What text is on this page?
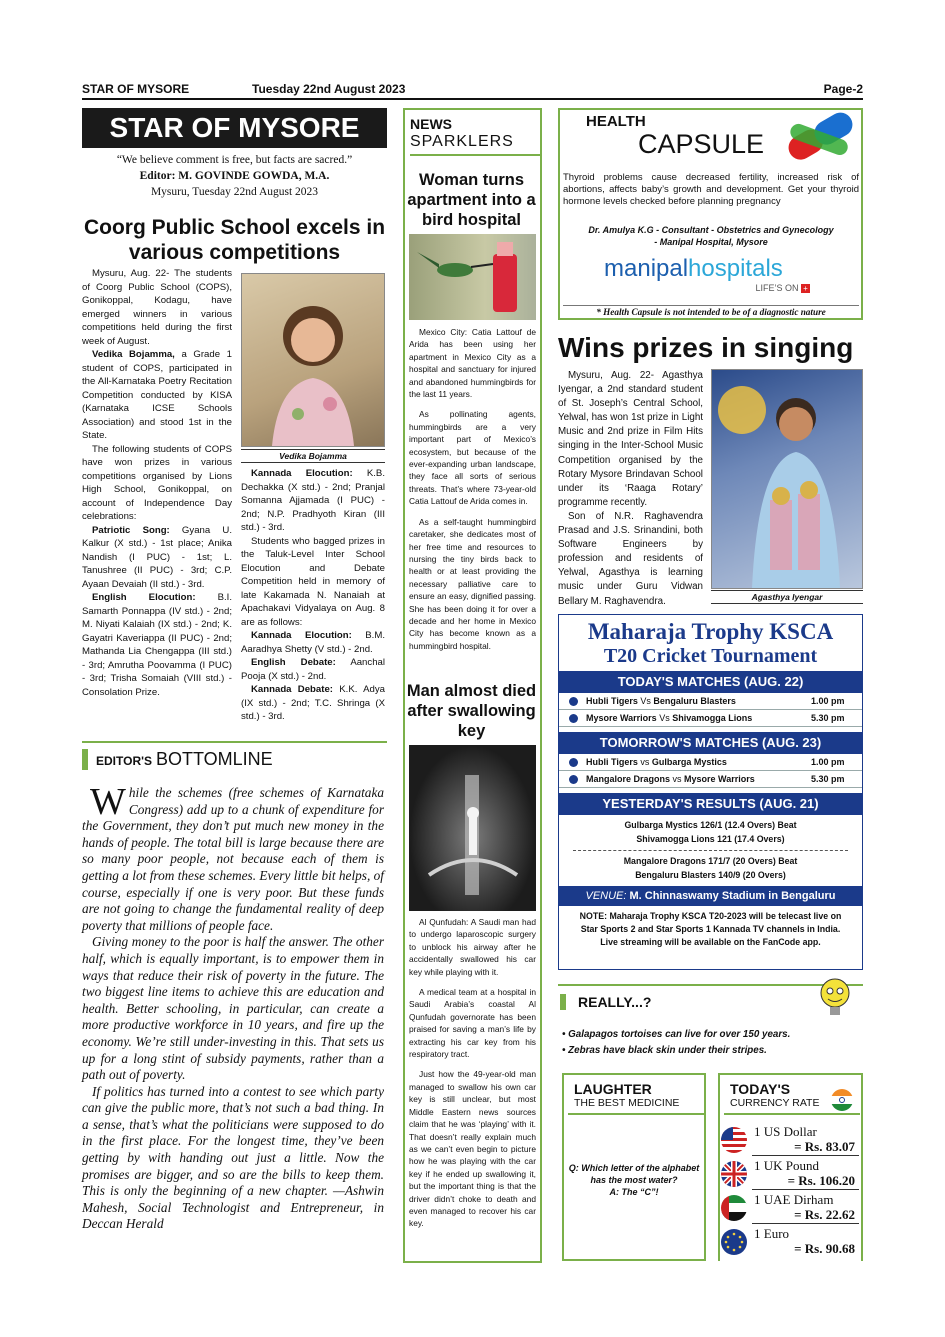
STAR OF MYSORE	Tuesday 22nd August 2023	Page-2
STAR OF MYSORE
“We believe comment is free, but facts are sacred.”
Editor: M. GOVINDE GOWDA, M.A.
Mysuru, Tuesday 22nd August 2023
Coorg Public School excels in various competitions

Mysuru, Aug. 22- The students of Coorg Public School (COPS), Gonikoppal, Kodagu, have emerged winners in various competitions held during the first week of August.

Vedika Bojamma, a Grade 1 student of COPS, participated in the All-Karnataka Poetry Recitation Competition conducted by KISA (Karnataka ICSE Schools Association) and stood 1st in the State.

The following students of COPS have won prizes in various competitions organised by Lions High School, Gonikoppal, on account of Independence Day celebrations:

Patriotic Song: Gyana U. Kalkur (X std.) - 1st place; Anika Nandish (I PUC) - 1st; L. Tanushree (II PUC) - 3rd; C.P. Ayaan Devaiah (II std.) - 3rd.

English Elocution: B.I. Samarth Ponnappa (IV std.) - 2nd; M. Niyati Kalaiah (IX std.) - 2nd; K. Gayatri Kaveriappa (II PUC) - 2nd; Mathanda Lia Chengappa (III std.) - 3rd; Amrutha Poovamma (I PUC) - 3rd; Trisha Somaiah (VIII std.) - Consolation Prize.

Vedika Bojamma

Kannada Elocution: K.B. Dechakka (X std.) - 2nd; Pranjal Somanna Ajjamada (I PUC) - 2nd; N.P. Pradhyoth Kiran (III std.) - 3rd.

Students who bagged prizes in the Taluk-Level Inter School Elocution and Debate Competition held in memory of late Kakamada N. Nanaiah at Apachakavi Vidyalaya on Aug. 8 are as follows:

Kannada Elocution: B.M. Aaradhya Shetty (V std.) - 2nd.

English Debate: Aanchal Pooja (X std.) - 2nd.

Kannada Debate: K.K. Adya (IX std.) - 2nd; T.C. Shringa (X std.) - 3rd.

EDITOR'S BOTTOMLINE

While the schemes (free schemes of Karnataka Congress) add up to a chunk of expenditure for the Government, they don’t put much new money in the hands of people. The total bill is large because there are so many poor people, not because each of them is getting a lot from these schemes. Every little bit helps, of course, especially if one is very poor. But these funds are not going to change the fundamental reality of deep poverty that millions of people face.

Giving money to the poor is half the answer. The other half, which is equally important, is to empower them in ways that reduce their risk of poverty in the future. The two biggest line items to achieve this are education and health. Better schooling, in particular, can create a more productive workforce in 10 years, and fire up the economy. We’re still under-investing in this. That sets us up for a long stint of subsidy payments, rather than a path out of poverty.

If politics has turned into a contest to see which party can give the public more, that’s not such a bad thing. In a sense, that’s what the politicians were supposed to do in the first place. For the longest time, they’ve been getting by with handing out just a little. Now the promises are bigger, and so are the bills to keep them. This is only the beginning of a new chapter. —Ashwin Mahesh, Social Technologist and Entrepreneur, in Deccan Herald

NEWS
SPARKLERS
Woman turns apartment into a bird hospital

Mexico City: Catia Lattouf de Arida has been using her apartment in Mexico City as a hospital and sanctuary for injured and abandoned hummingbirds for the last 11 years.

As pollinating agents, hummingbirds are a very important part of Mexico’s ecosystem, but because of the ever-expanding urban landscape, they face all sorts of serious threats. That’s where 73-year-old Catia Lattouf de Arida comes in.

As a self-taught hummingbird caretaker, she dedicates most of her free time and resources to nursing the tiny birds back to health or at least providing the necessary palliative care to ensure an easy, dignified passing. She has been doing it for over a decade and her home in Mexico City has become known as a hummingbird hospital.

Man almost died after swallowing key

Al Qunfudah: A Saudi man had to undergo laparoscopic surgery to unblock his airway after he accidentally swallowed his car key while playing with it.

A medical team at a hospital in Saudi Arabia’s coastal Al Qunfudah governorate has been praised for saving a man’s life by extracting his car key from his respiratory tract.

Just how the 49-year-old man managed to swallow his own car key is still unclear, but most Middle Eastern news sources claim that he was ‘playing’ with it. That doesn’t really explain much as we can’t even begin to picture how he was playing with the car key if he ended up swallowing it, but the important thing is that the driver didn’t choke to death and even managed to recover his car key.

HEALTH
CAPSULE
Thyroid problems cause decreased fertility, increased risk of abortions, affects baby’s growth and development. Get your thyroid hormone levels checked before planning pregnancy
Dr. Amulya K.G - Consultant - Obstetrics and Gynecology
- Manipal Hospital, Mysore
manipalhospitals
LIFE’S ON +
* Health Capsule is not intended to be of a diagnostic nature
Wins prizes in singing

Mysuru, Aug. 22- Agasthya Iyengar, a 2nd standard student of St. Joseph’s Central School, Yelwal, has won 1st prize in Light Music and 2nd prize in Film Hits singing in the Inter-School Music Competition organised by the Rotary Mysore Brindavan School under its ‘Raaga Rotary’ programme recently.

Son of N.R. Raghavendra Prasad and J.S. Srinandini, both Software Engineers by profession and residents of Yelwal, Agasthya is learning music under Guru Vidwan Bellary M. Raghavendra.	Agasthya Iyengar
Maharaja Trophy KSCA
T20 Cricket Tournament
TODAY'S MATCHES (AUG. 22)
Hubli Tigers Vs Bengaluru Blasters	1.00 pm
Mysore Warriors Vs Shivamogga Lions	5.30 pm
TOMORROW'S MATCHES (AUG. 23)
Hubli Tigers vs Gulbarga Mystics	1.00 pm
Mangalore Dragons vs Mysore Warriors	5.30 pm
YESTERDAY'S RESULTS (AUG. 21)
Gulbarga Mystics 126/1 (12.4 Overs) Beat
Shivamogga Lions 121 (17.4 Overs)
Mangalore Dragons 171/7 (20 Overs) Beat
Bengaluru Blasters 140/9 (20 Overs)
VENUE: M. Chinnaswamy Stadium in Bengaluru
NOTE: Maharaja Trophy KSCA T20-2023 will be telecast live on
Star Sports 2 and Star Sports 1 Kannada TV channels in India.
Live streaming will be available on the FanCode app.
REALLY...?
• Galapagos tortoises can live for over 150 years.
• Zebras have black skin under their stripes.
LAUGHTER
THE BEST MEDICINE
Q: Which letter of the alphabet has the most water?
A: The “C”!
TODAY'S
CURRENCY RATE
1 US Dollar
= Rs. 83.07
1 UK Pound
= Rs. 106.20
1 UAE Dirham
= Rs. 22.62
1 Euro
= Rs. 90.68
